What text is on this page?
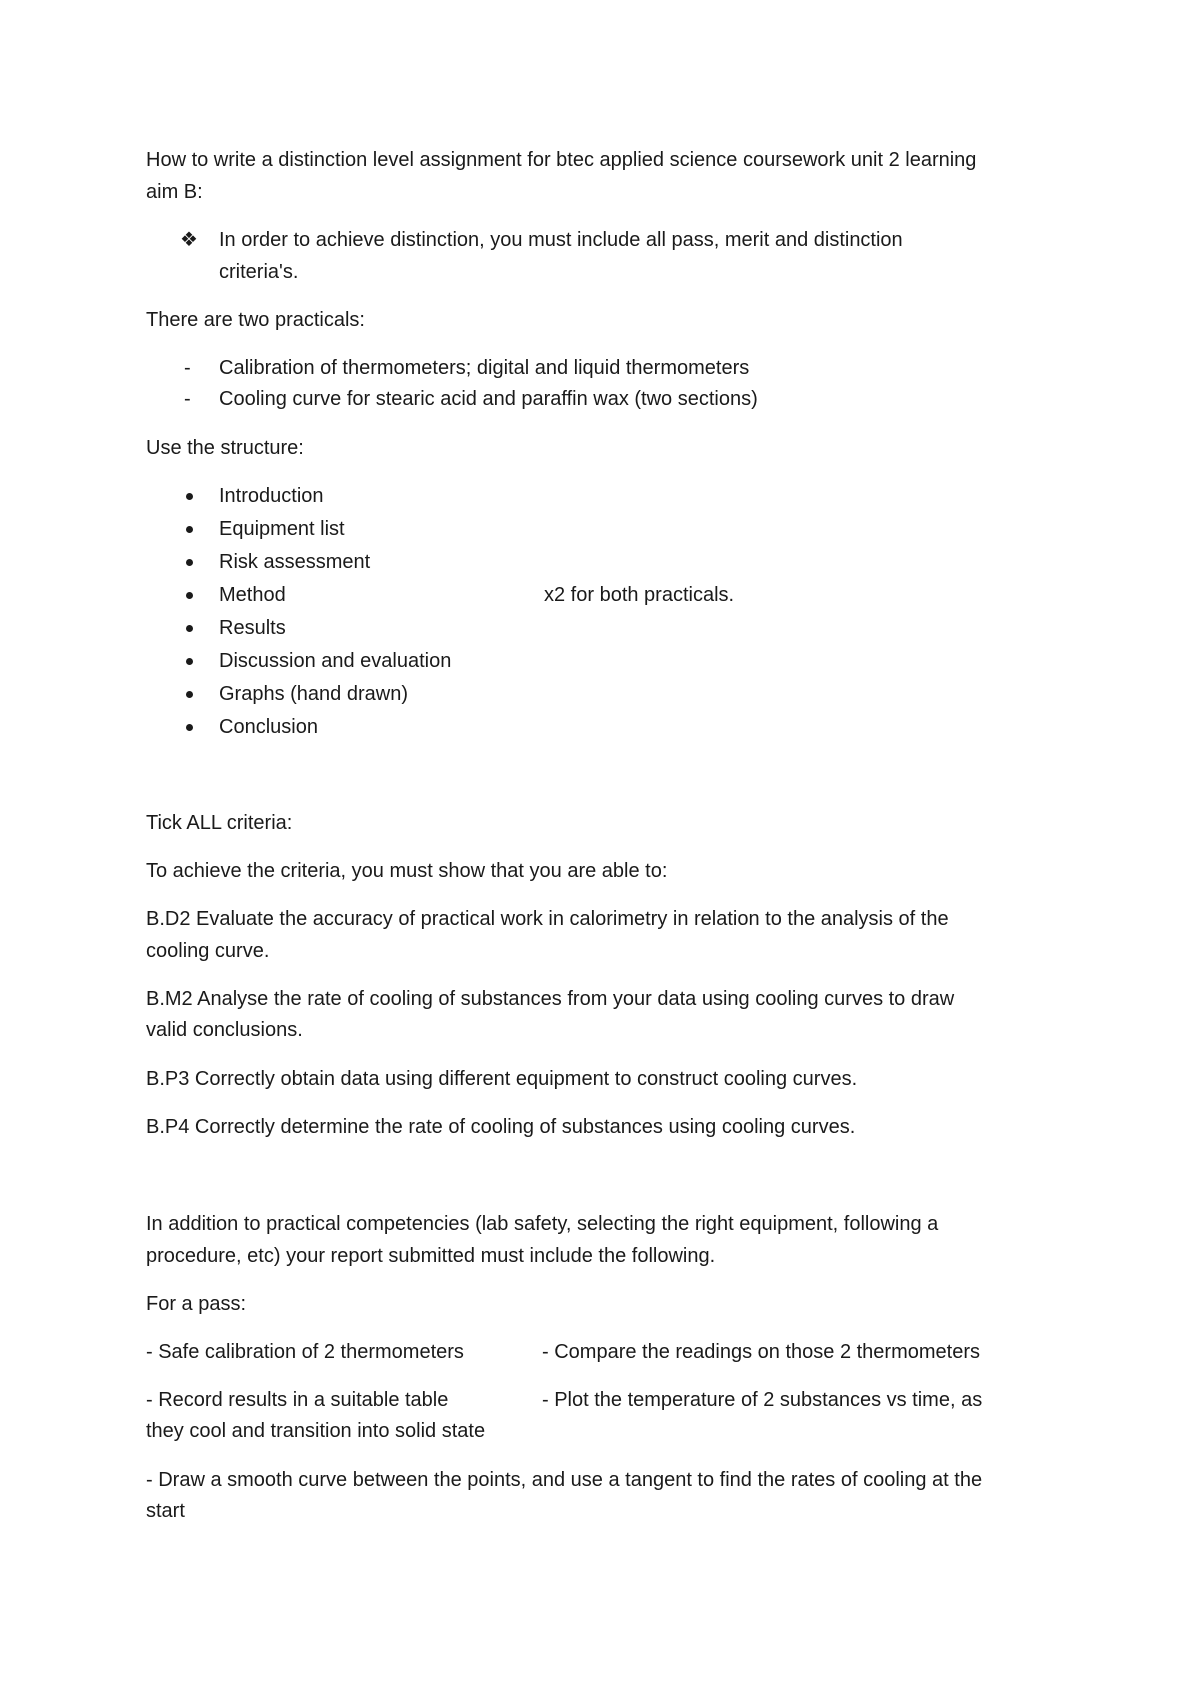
How to write a distinction level assignment for btec applied science coursework unit 2 learning
aim B:
❖ In order to achieve distinction, you must include all pass, merit and distinction
criteria's.
There are two practicals:
- Calibration of thermometers; digital and liquid thermometers
- Cooling curve for stearic acid and paraffin wax (two sections)
Use the structure:
Introduction
Equipment list
Risk assessment
Method	x2 for both practicals.
Results
Discussion and evaluation
Graphs (hand drawn)
Conclusion
Tick ALL criteria:
To achieve the criteria, you must show that you are able to:
B.D2 Evaluate the accuracy of practical work in calorimetry in relation to the analysis of the
cooling curve.
B.M2 Analyse the rate of cooling of substances from your data using cooling curves to draw
valid conclusions.
B.P3 Correctly obtain data using different equipment to construct cooling curves.
B.P4 Correctly determine the rate of cooling of substances using cooling curves.
In addition to practical competencies (lab safety, selecting the right equipment, following a
procedure, etc) your report submitted must include the following.
For a pass:
- Safe calibration of 2 thermometers	- Compare the readings on those 2 thermometers
- Record results in a suitable table	- Plot the temperature of 2 substances vs time, as
they cool and transition into solid state
- Draw a smooth curve between the points, and use a tangent to find the rates of cooling at the
start
